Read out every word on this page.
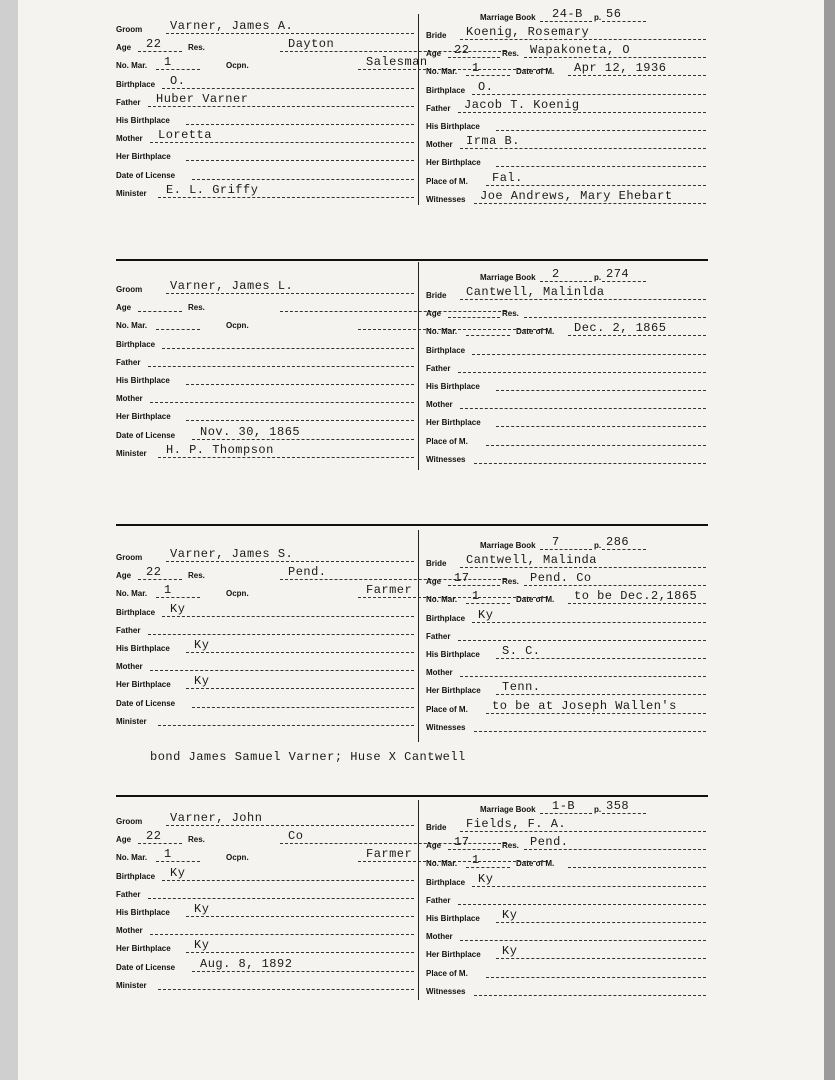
Groom Varner, James A.
Age 22	Res.	Dayton
No. Mar. 1	Ocpn.	Salesman
Birthplace O.
Father Huber Varner
His Birthplace
Mother Loretta
Her Birthplace
Date of License
Minister E. L. Griffy
Marriage Book 24-B p. 56
Bride Koenig, Rosemary
Age 22	Res. Wapakoneta, O
No. Mar. 1	Date of M. Apr 12, 1936
Birthplace O.
Father Jacob T. Koenig
His Birthplace
Mother Irma B.
Her Birthplace
Place of M. Fal.
Witnesses Joe Andrews, Mary Ehebart
Groom Varner, James L.
Age	Res.
No. Mar.	Ocpn.
Birthplace
Father
His Birthplace
Mother
Her Birthplace
Date of License Nov. 30, 1865
Minister H. P. Thompson
Marriage Book 2	p. 274
Bride Cantwell, Malinlda
Age	Res.
No. Mar.	Date of M. Dec. 2, 1865
Birthplace
Father
His Birthplace
Mother
Her Birthplace
Place of M.
Witnesses
Groom Varner, James S.
Age 22	Res.	Pend.
No. Mar. 1	Ocpn.	Farmer
Birthplace Ky
Father
His Birthplace Ky
Mother
Her Birthplace Ky
Date of License
Minister
Marriage Book 7	p. 286
Bride Cantwell, Malinda
Age 17	Res. Pend. Co
No. Mar. 1	Date of M. to be Dec.2,1865
Birthplace Ky
Father
His Birthplace S. C.
Mother
Her Birthplace Tenn.
Place of M. to be at Joseph Wallen's
Witnesses
bond James Samuel Varner; Huse X Cantwell
Groom Varner, John
Age 22	Res.	Co
No. Mar. 1	Ocpn.	Farmer
Birthplace Ky
Father
His Birthplace Ky
Mother
Her Birthplace Ky
Date of License Aug. 8, 1892
Minister
Marriage Book 1-B p. 358
Bride Fields, F. A.
Age 17	Res. Pend.
No. Mar. 1	Date of M.
Birthplace Ky
Father
His Birthplace Ky
Mother
Her Birthplace Ky
Place of M.
Witnesses
